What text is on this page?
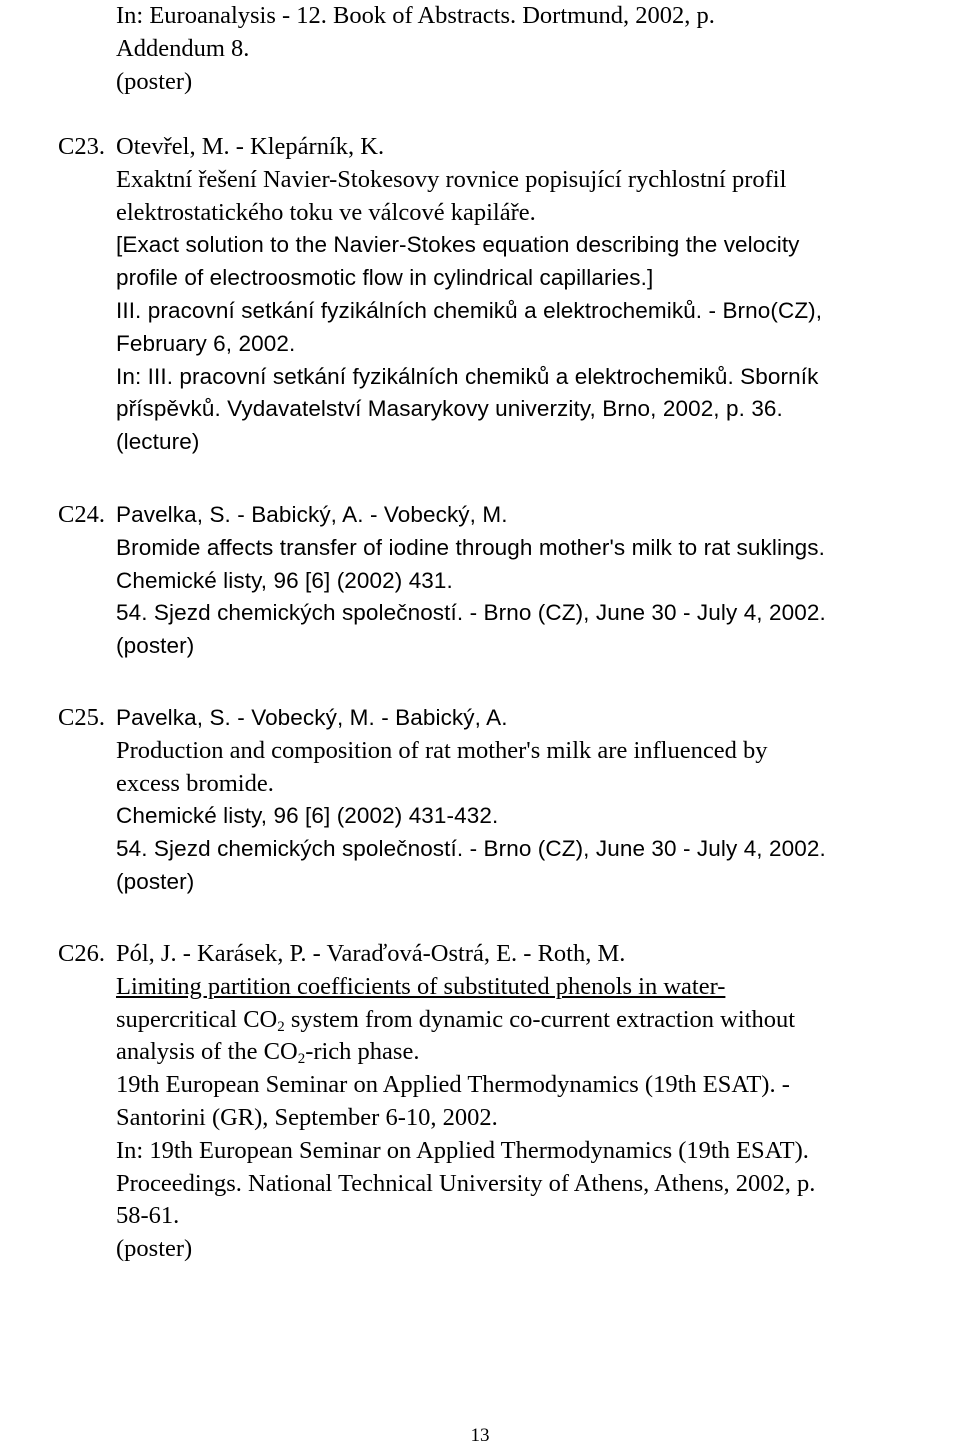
In: Euroanalysis - 12. Book of Abstracts. Dortmund, 2002, p.
Addendum 8.
(poster)
C23. Otevřel, M. - Klepárník, K.
Exaktní řešení Navier-Stokesovy rovnice popisující rychlostní profil
elektrostatického toku ve válcové kapiláře.
[Exact solution to the Navier-Stokes equation describing the velocity
profile of electroosmotic flow in cylindrical capillaries.]
III. pracovní setkání fyzikálních chemiků a elektrochemiků. - Brno(CZ),
February 6, 2002.
In: III. pracovní setkání fyzikálních chemiků a elektrochemiků. Sborník
příspěvků. Vydavatelství Masarykovy univerzity, Brno, 2002, p. 36.
(lecture)
C24. Pavelka, S. - Babický, A. - Vobecký, M.
Bromide affects transfer of iodine through mother's milk to rat suklings.
Chemické listy, 96 [6] (2002) 431.
54. Sjezd chemických společností. - Brno (CZ), June 30 - July 4, 2002.
(poster)
C25. Pavelka, S. - Vobecký, M. - Babický, A.
Production and composition of rat mother's milk are influenced by
excess bromide.
Chemické listy, 96 [6] (2002) 431-432.
54. Sjezd chemických společností. - Brno (CZ), June 30 - July 4, 2002.
(poster)
C26. Pól, J. - Karásek, P. - Varaďová-Ostrá, E. - Roth, M.
Limiting partition coefficients of substituted phenols in water-
supercritical $CO_2$ system from dynamic co-current extraction without
analysis of the $CO_2$-rich phase.
19th European Seminar on Applied Thermodynamics (19th ESAT). -
Santorini (GR), September 6-10, 2002.
In: 19th European Seminar on Applied Thermodynamics (19th ESAT).
Proceedings. National Technical University of Athens, Athens, 2002, p.
58-61.
(poster)
13
